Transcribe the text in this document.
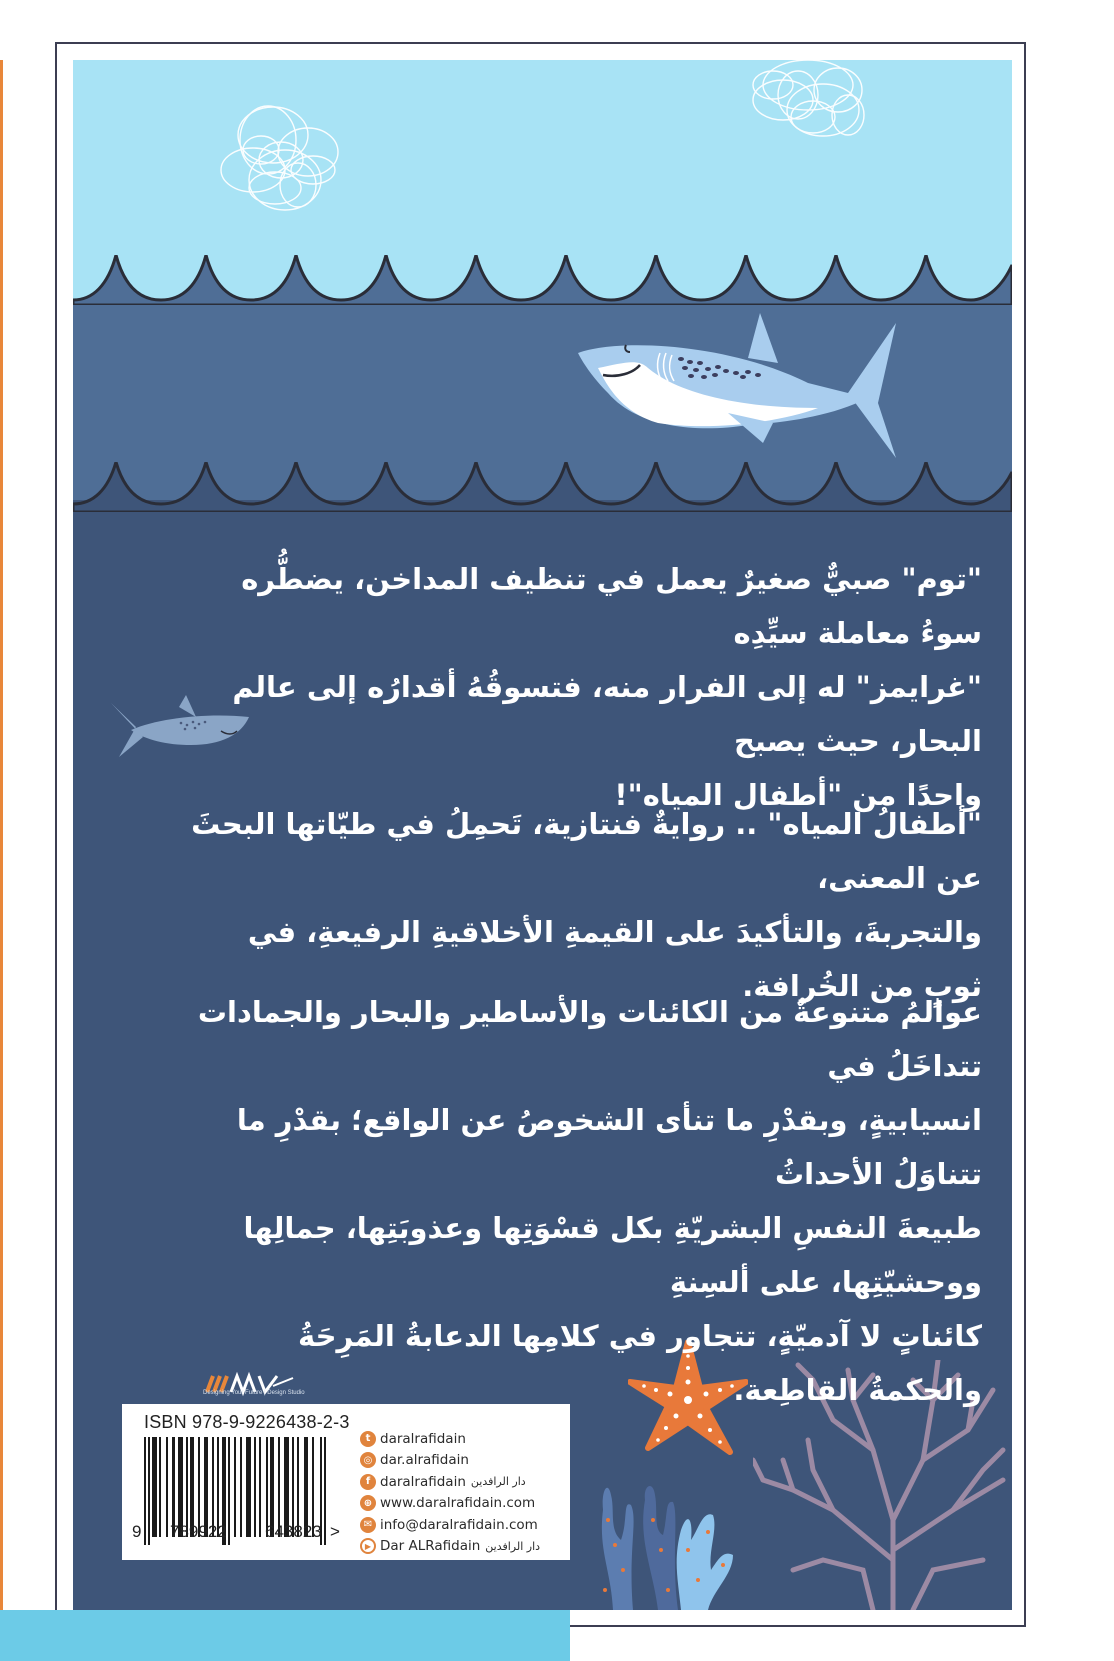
"توم" صبيٌّ صغيرٌ يعمل في تنظيف المداخن، يضطُّره سوءُ معاملة سيِّدِه

"غرايمز" له إلى الفرار منه، فتسوقُهُ أقدارُه إلى عالم البحار، حيث يصبح

واحدًا من "أطفال المياه"!

"أطفالُ المياه" .. روايةٌ فنتازية، تَحمِلُ في طيّاتها البحثَ عن المعنى،

والتجربةَ، والتأكيدَ على القيمةِ الأخلاقيةِ الرفيعةِ، في ثوبٍ من الخُرافة.

عوالمُ متنوعةٌ من الكائنات والأساطير والبحار والجمادات تتداخَلُ في

انسيابيةٍ، وبقدْرِ ما تنأى الشخوصُ عن الواقع؛ بقدْرِ ما تتناوَلُ الأحداثُ

طبيعةَ النفسِ البشريّةِ بكل قسْوَتِها وعذوبَتِها، جمالِها ووحشيّتِها، على ألسِنةِ

كائناتٍ لا آدميّةٍ، تتجاور في كلامِها الدعابةُ المَرِحَةُ والحكمةُ القاطِعة.

Designing Your Future | Design Studio
ISBN 978-9-9226438-2-3
9 789922 643823 >
t daralrafidain
◎ dar.alrafidain
f daralrafidain دار الرافدين
⊕ www.daralrafidain.com
✉ info@daralrafidain.com
▶ Dar ALRafidain دار الرافدين
